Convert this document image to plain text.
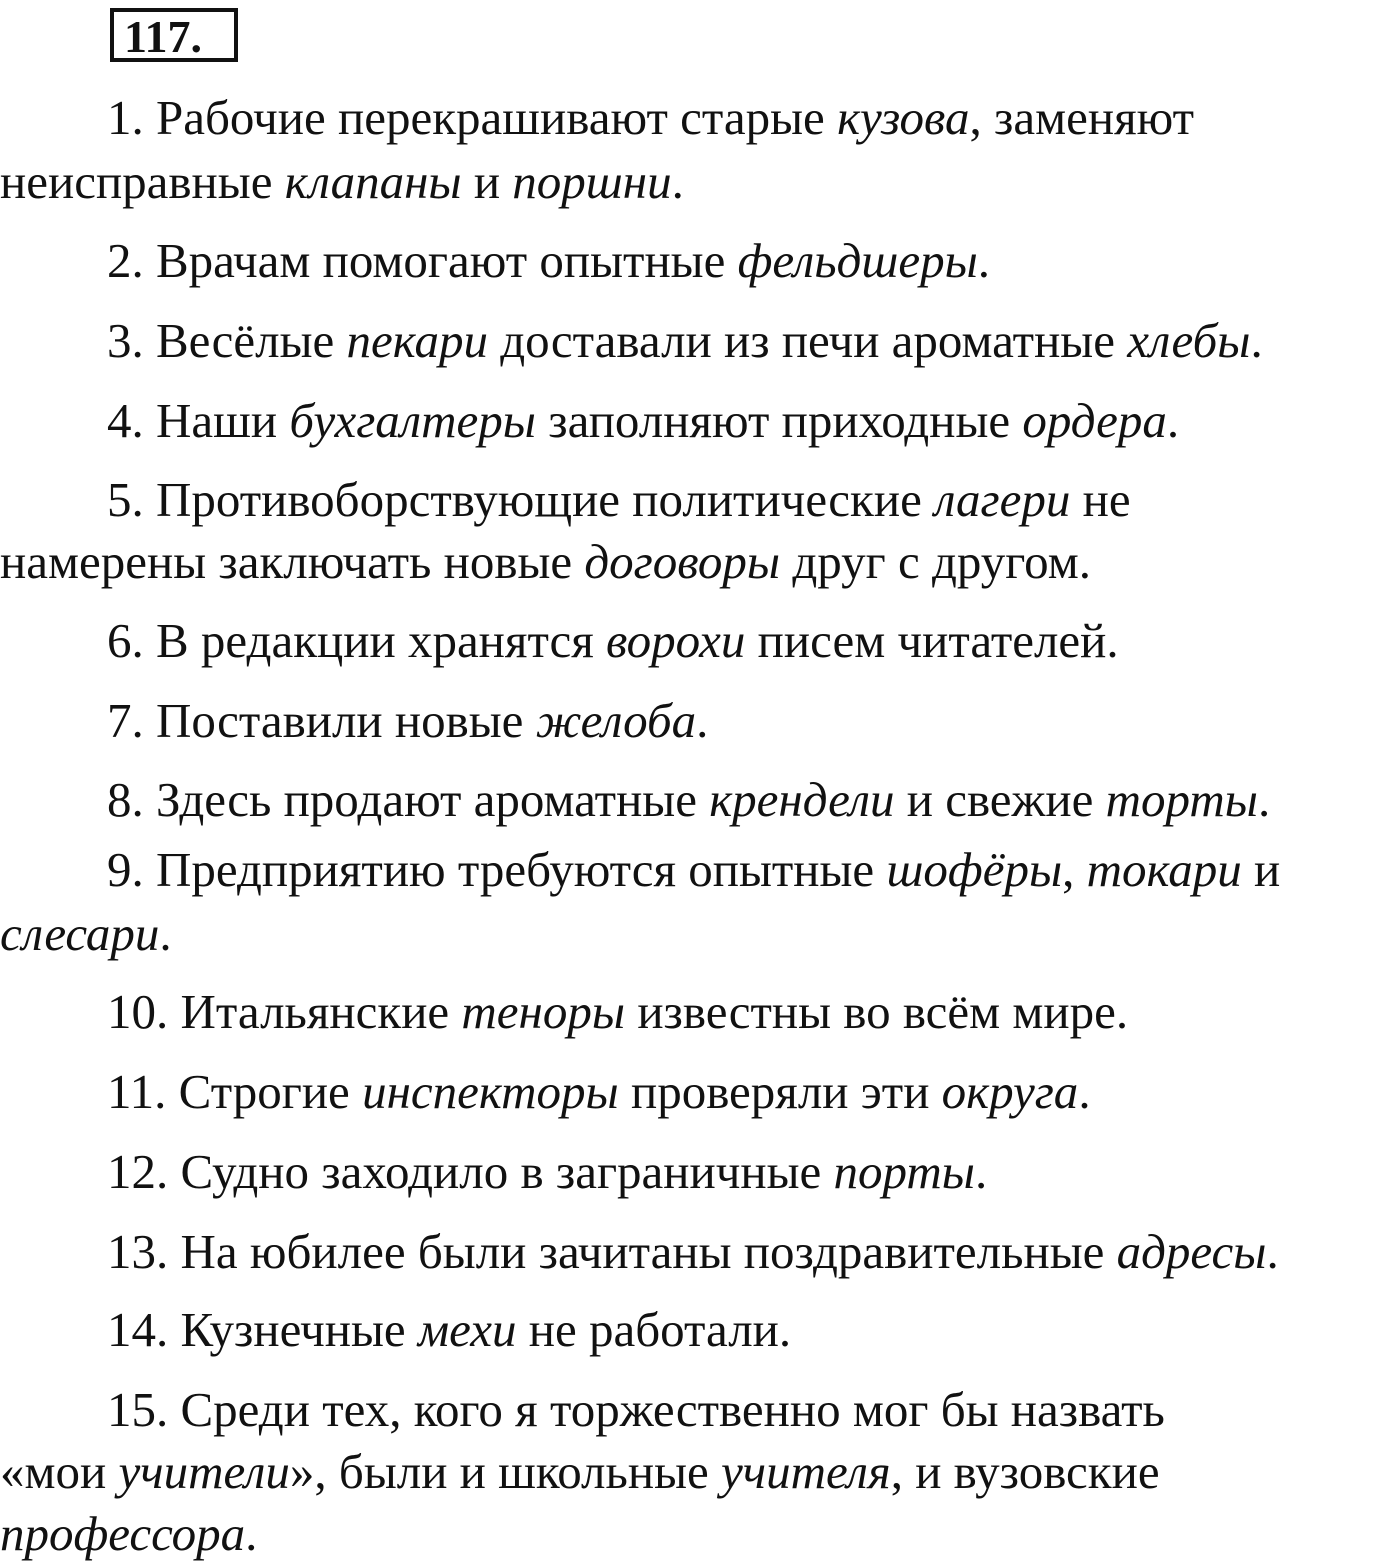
117.
1. Рабочие перекрашивают старые кузова, заменяют
неисправные клапаны и поршни.
2. Врачам помогают опытные фельдшеры.
3. Весёлые пекари доставали из печи ароматные хлебы.
4. Наши бухгалтеры заполняют приходные ордера.
5. Противоборствующие политические лагери не
намерены заключать новые договоры друг с другом.
6. В редакции хранятся ворохи писем читателей.
7. Поставили новые желоба.
8. Здесь продают ароматные крендели и свежие торты.
9. Предприятию требуются опытные шофёры, токари и
слесари.
10. Итальянские теноры известны во всём мире.
11. Строгие инспекторы проверяли эти округа.
12. Судно заходило в заграничные порты.
13. На юбилее были зачитаны поздравительные адресы.
14. Кузнечные мехи не работали.
15. Среди тех, кого я торжественно мог бы назвать
«мои учители», были и школьные учителя, и вузовские
профессора.
